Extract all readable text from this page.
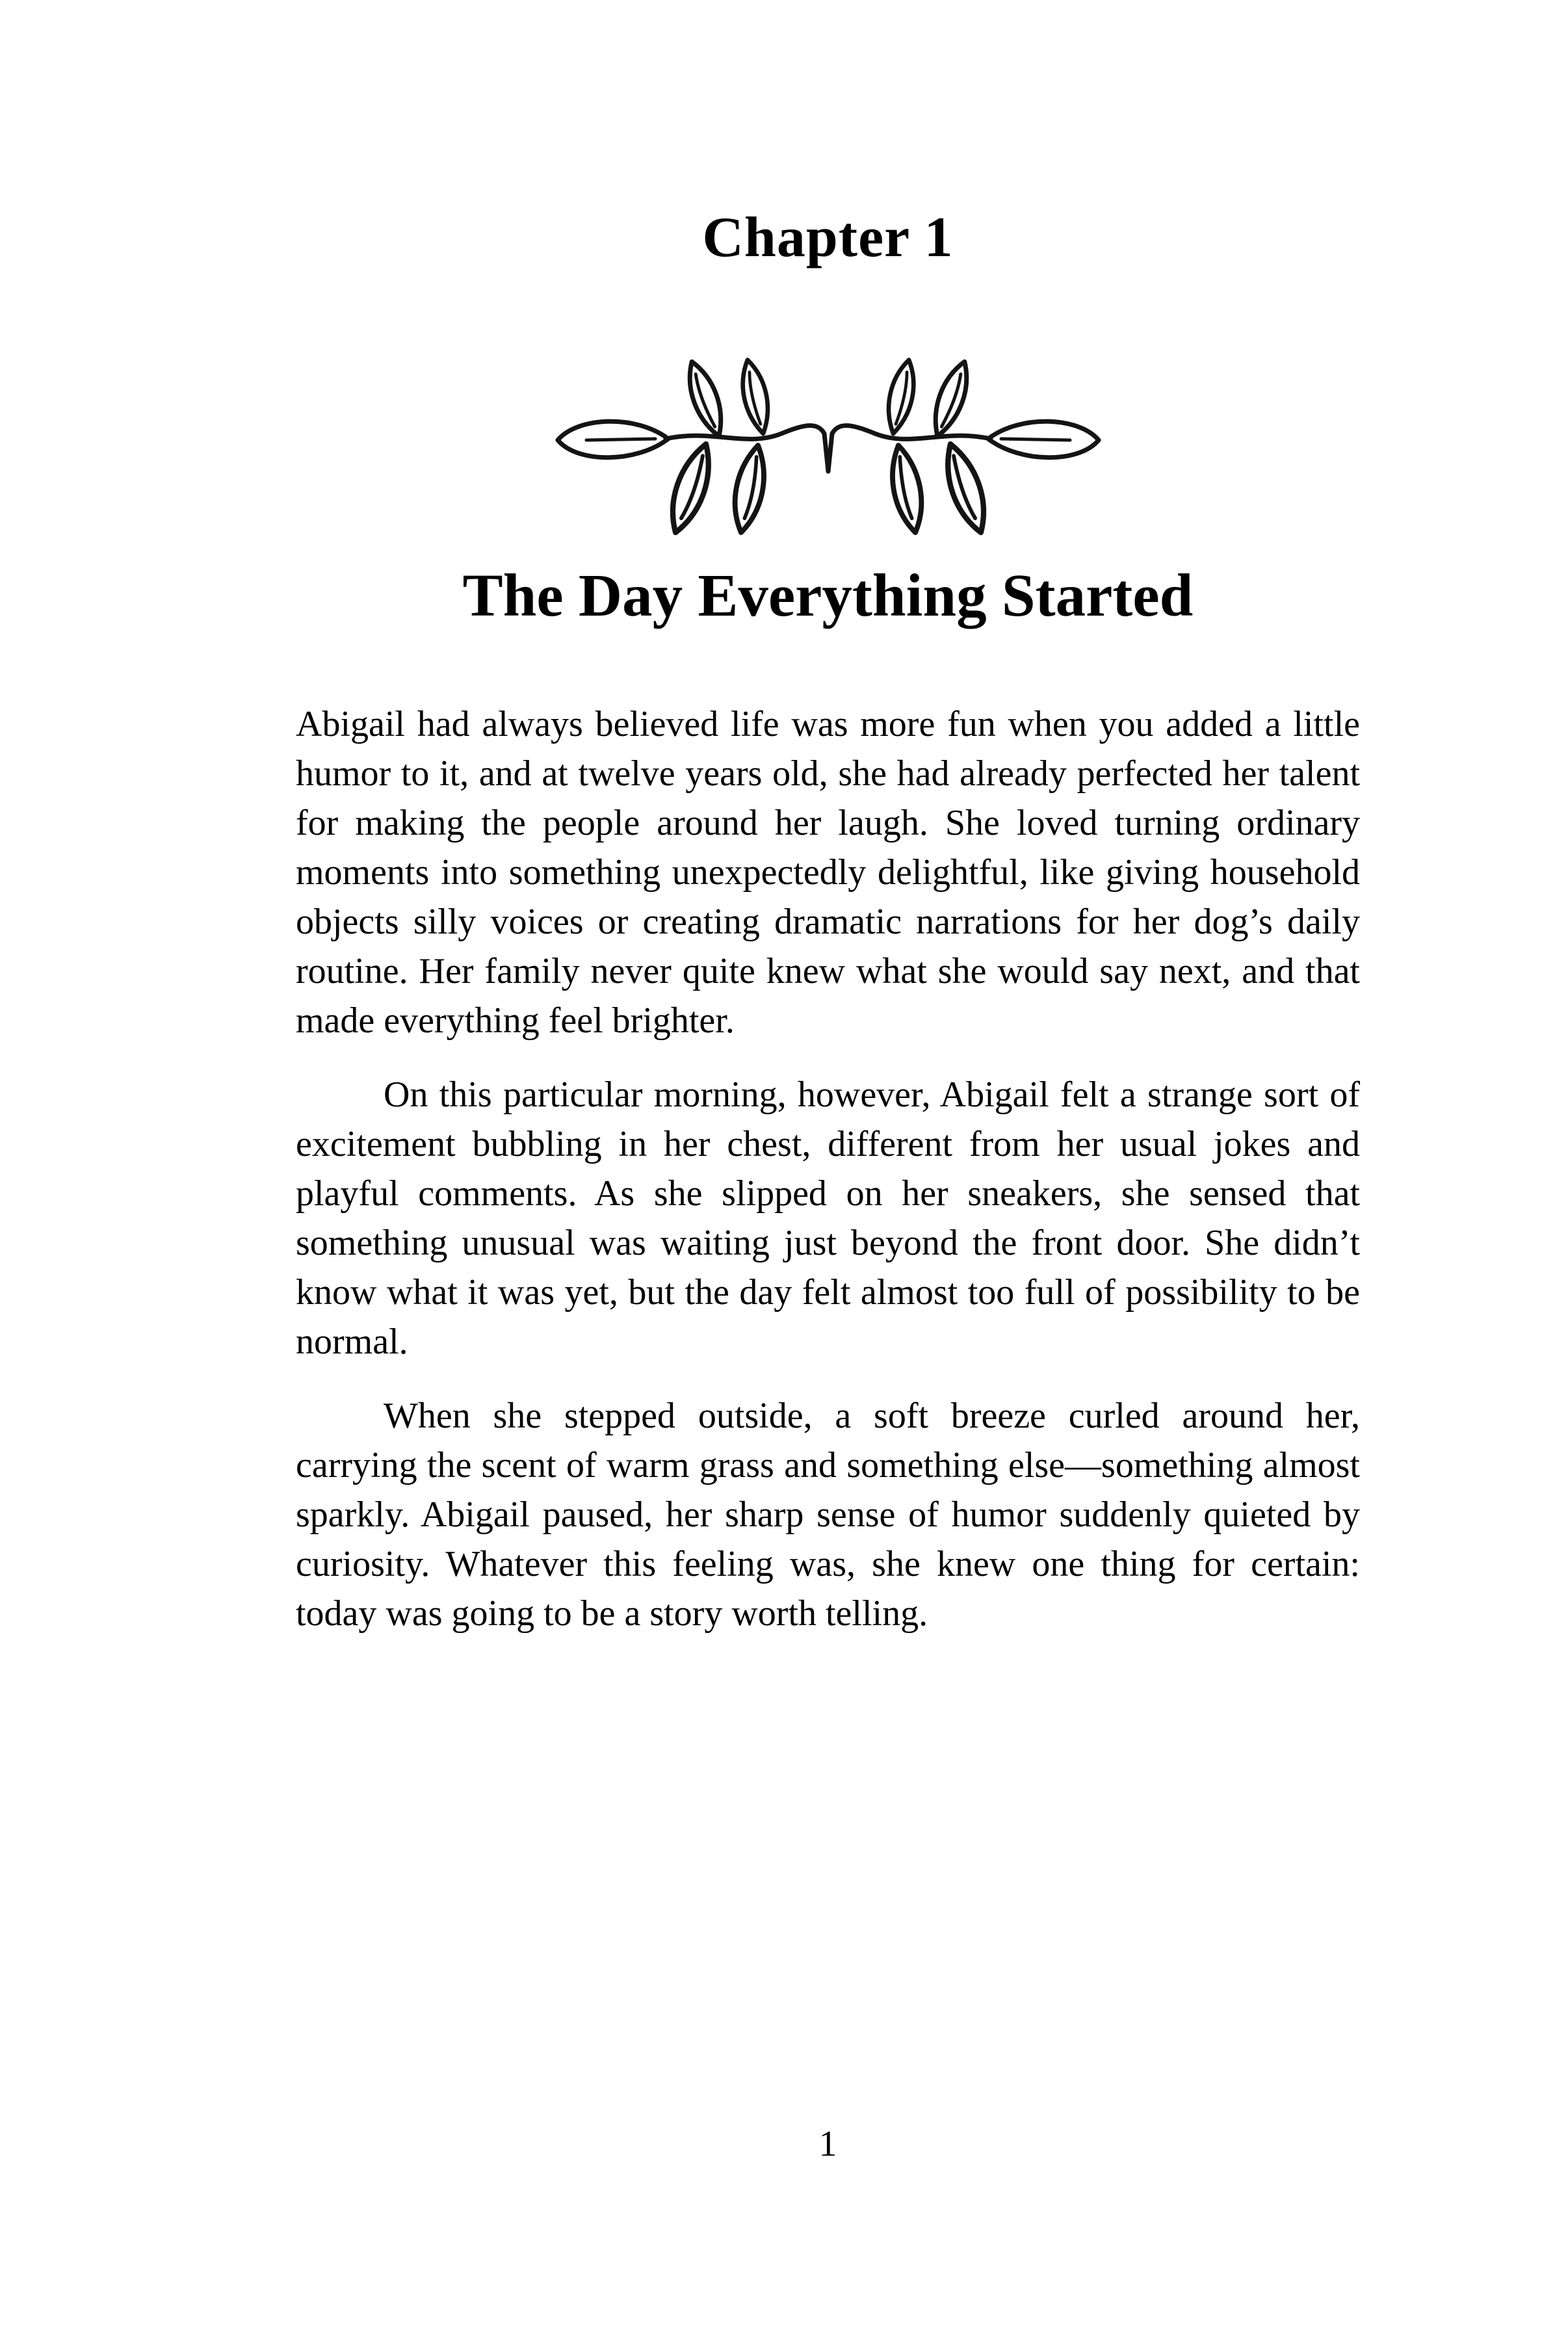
Chapter 1
The Day Everything Started

Abigail had always believed life was more fun when you added a little humor to it, and at twelve years old, she had already perfected her talent for making the people around her laugh. She loved turning ordinary moments into something unexpectedly delightful, like giving household objects silly voices or creating dramatic narrations for her dog’s daily routine. Her family never quite knew what she would say next, and that made everything feel brighter.

On this particular morning, however, Abigail felt a strange sort of excitement bubbling in her chest, different from her usual jokes and playful comments. As she slipped on her sneakers, she sensed that something unusual was waiting just beyond the front door. She didn’t know what it was yet, but the day felt almost too full of possibility to be normal.

When she stepped outside, a soft breeze curled around her, carrying the scent of warm grass and something else—something almost sparkly. Abigail paused, her sharp sense of humor suddenly quieted by curiosity. Whatever this feeling was, she knew one thing for certain: today was going to be a story worth telling.

1
